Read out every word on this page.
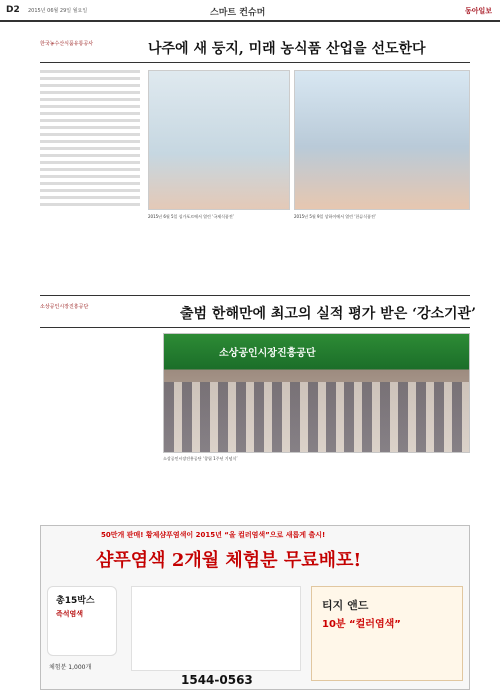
D2 2015년 06월 29일 월요일	스마트 컨슈머	동아일보
한국농수산식품유통공사	나주에 새 둥지, 미래 농식품 산업을 선도한다
2015년 6월 5일 싱가포르에서 열린 ‘국제식품전’	2015년 5월 9일 상하이에서 열린 ‘한류식품전’
소상공인시장진흥공단	출범 한해만에 최고의 실적 평가 받은 ‘강소기관’
소상공인시장진흥공단
소상공인시장진흥공단 ‘창립 1주년 기념식’
50만개 판매! 황제샴푸염색이 2015년 “올 컬러염색”으로 새롭게 출시!
샴푸염색 2개월 체험분 무료배포!
총15박스
즉석염색
티지 앤드
10분 “컬러염색”
체험분 1,000개
1544-0563
